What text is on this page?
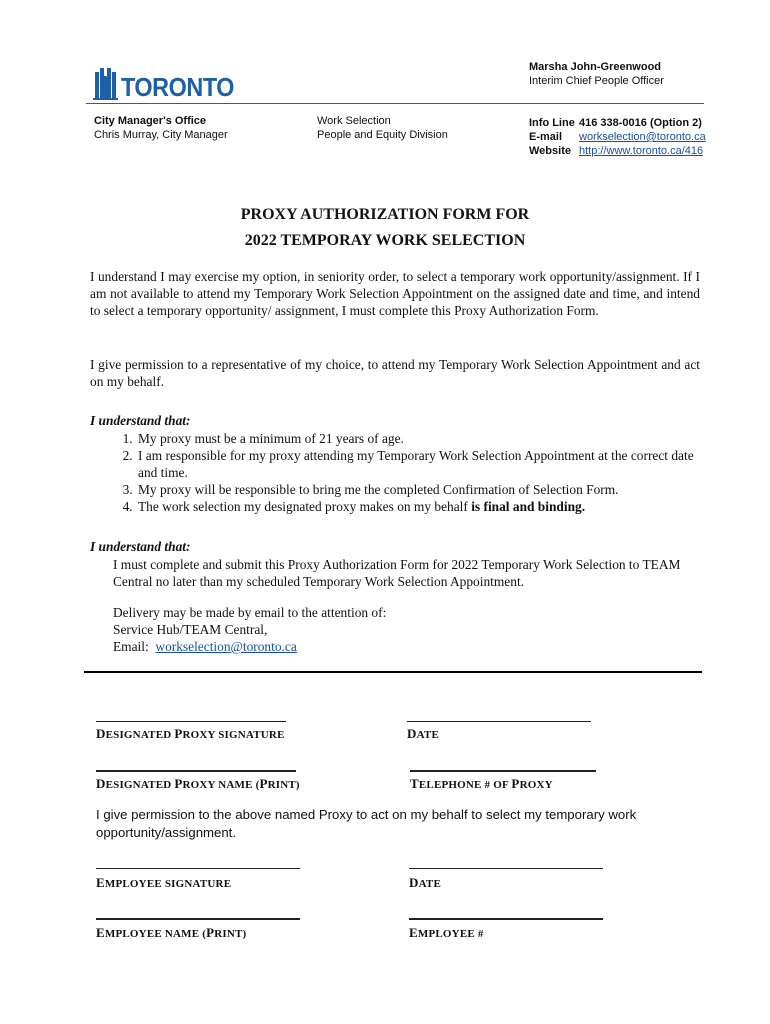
Marsha John-Greenwood
Interim Chief People Officer
TORONTO
City Manager's Office
Chris Murray, City Manager
Work Selection
People and Equity Division
Info Line 416 338-0016 (Option 2)
E-mail workselection@toronto.ca
Website http://www.toronto.ca/416
PROXY AUTHORIZATION FORM FOR
2022 TEMPORAY WORK SELECTION
I understand I may exercise my option, in seniority order, to select a temporary work opportunity/assignment. If I am not available to attend my Temporary Work Selection Appointment on the assigned date and time, and intend to select a temporary opportunity/ assignment, I must complete this Proxy Authorization Form.
I give permission to a representative of my choice, to attend my Temporary Work Selection Appointment and act on my behalf.
I understand that:
1. My proxy must be a minimum of 21 years of age.
2. I am responsible for my proxy attending my Temporary Work Selection Appointment at the correct date and time.
3. My proxy will be responsible to bring me the completed Confirmation of Selection Form.
4. The work selection my designated proxy makes on my behalf is final and binding.
I understand that:
I must complete and submit this Proxy Authorization Form for 2022 Temporary Work Selection to TEAM Central no later than my scheduled Temporary Work Selection Appointment.
Delivery may be made by email to the attention of:
Service Hub/TEAM Central,
Email: workselection@toronto.ca
DESIGNATED PROXY SIGNATURE	DATE
DESIGNATED PROXY NAME (PRINT)	TELEPHONE # OF PROXY
I give permission to the above named Proxy to act on my behalf to select my temporary work opportunity/assignment.
EMPLOYEE SIGNATURE	DATE
EMPLOYEE NAME (PRINT)	EMPLOYEE #
